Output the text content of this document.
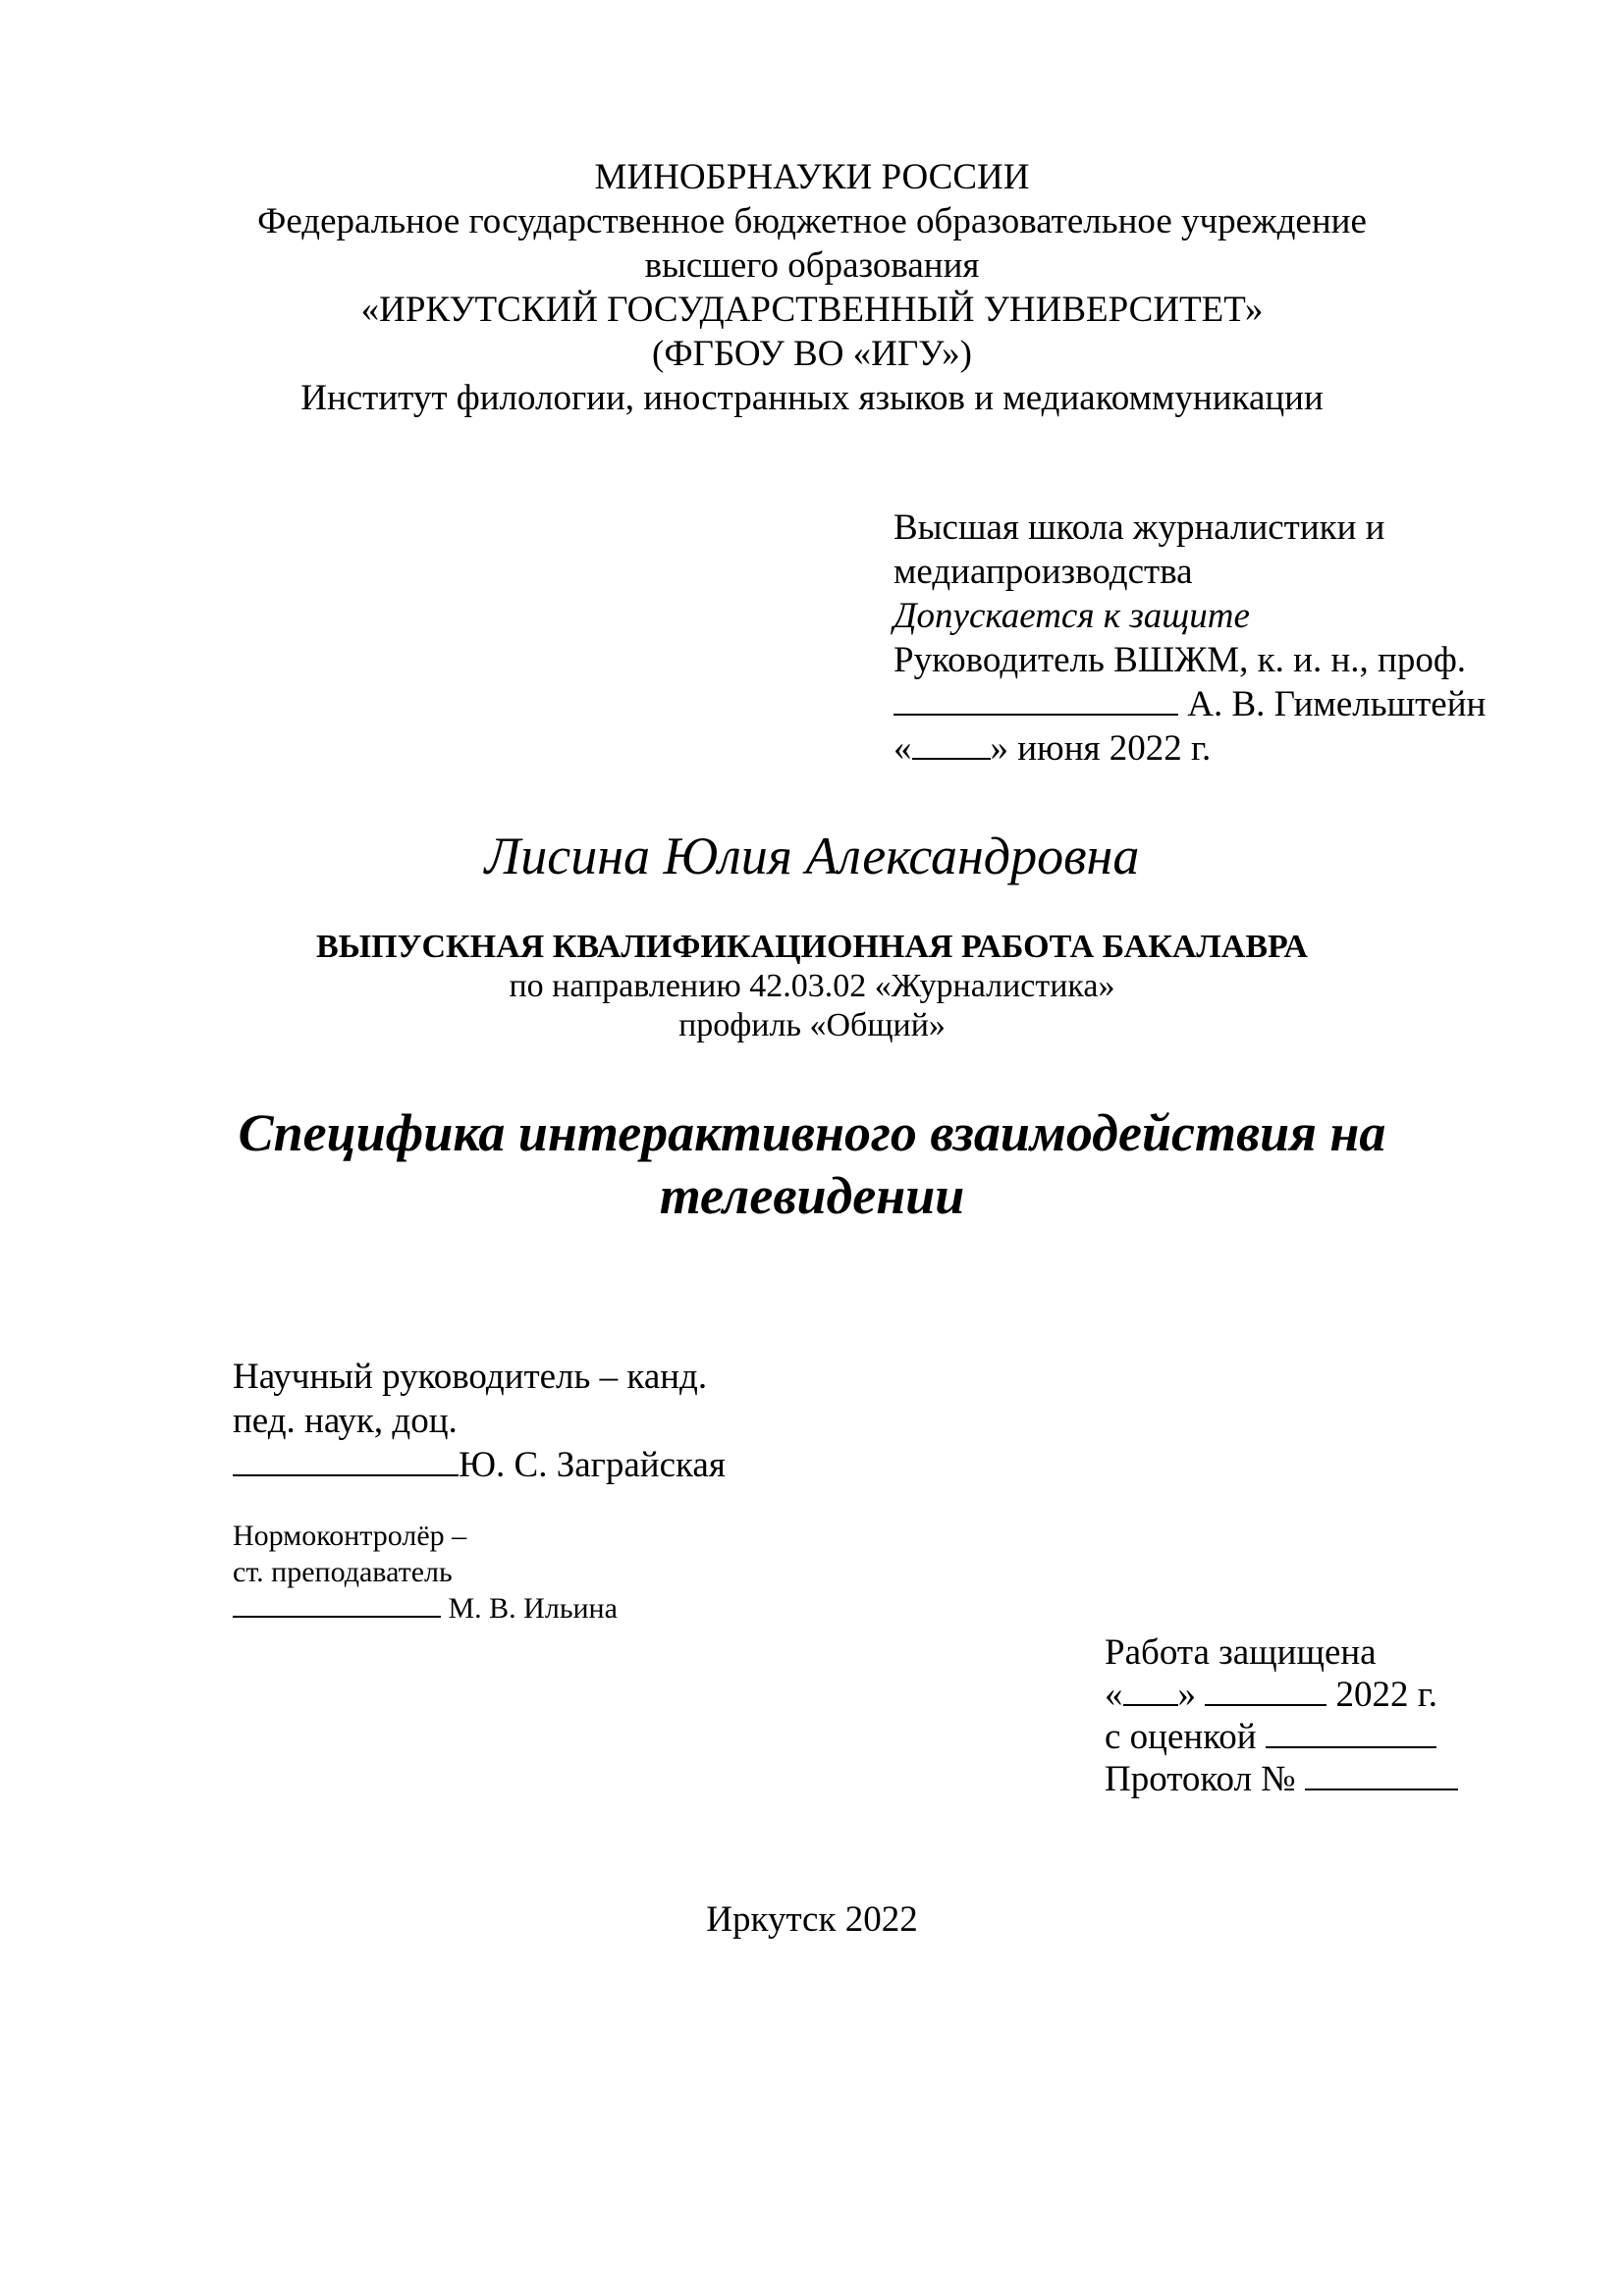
МИНОБРНАУКИ РОССИИ
Федеральное государственное бюджетное образовательное учреждение
высшего образования
«ИРКУТСКИЙ ГОСУДАРСТВЕННЫЙ УНИВЕРСИТЕТ»
(ФГБОУ ВО «ИГУ»)
Институт филологии, иностранных языков и медиакоммуникации
Высшая школа журналистики и
медиапроизводства
Допускается к защите
Руководитель ВШЖМ, к. и. н., проф.
А. В. Гимельштейн
« » июня 2022 г.
Лисина Юлия Александровна
ВЫПУСКНАЯ КВАЛИФИКАЦИОННАЯ РАБОТА БАКАЛАВРА
по направлению 42.03.02 «Журналистика»
профиль «Общий»
Специфика интерактивного взаимодействия на
телевидении
Научный руководитель – канд.
пед. наук, доц.
Ю. С. Заграйская
Нормоконтролёр –
ст. преподаватель
М. В. Ильина
Работа защищена
« »	2022 г.
с оценкой
Протокол №
Иркутск 2022
